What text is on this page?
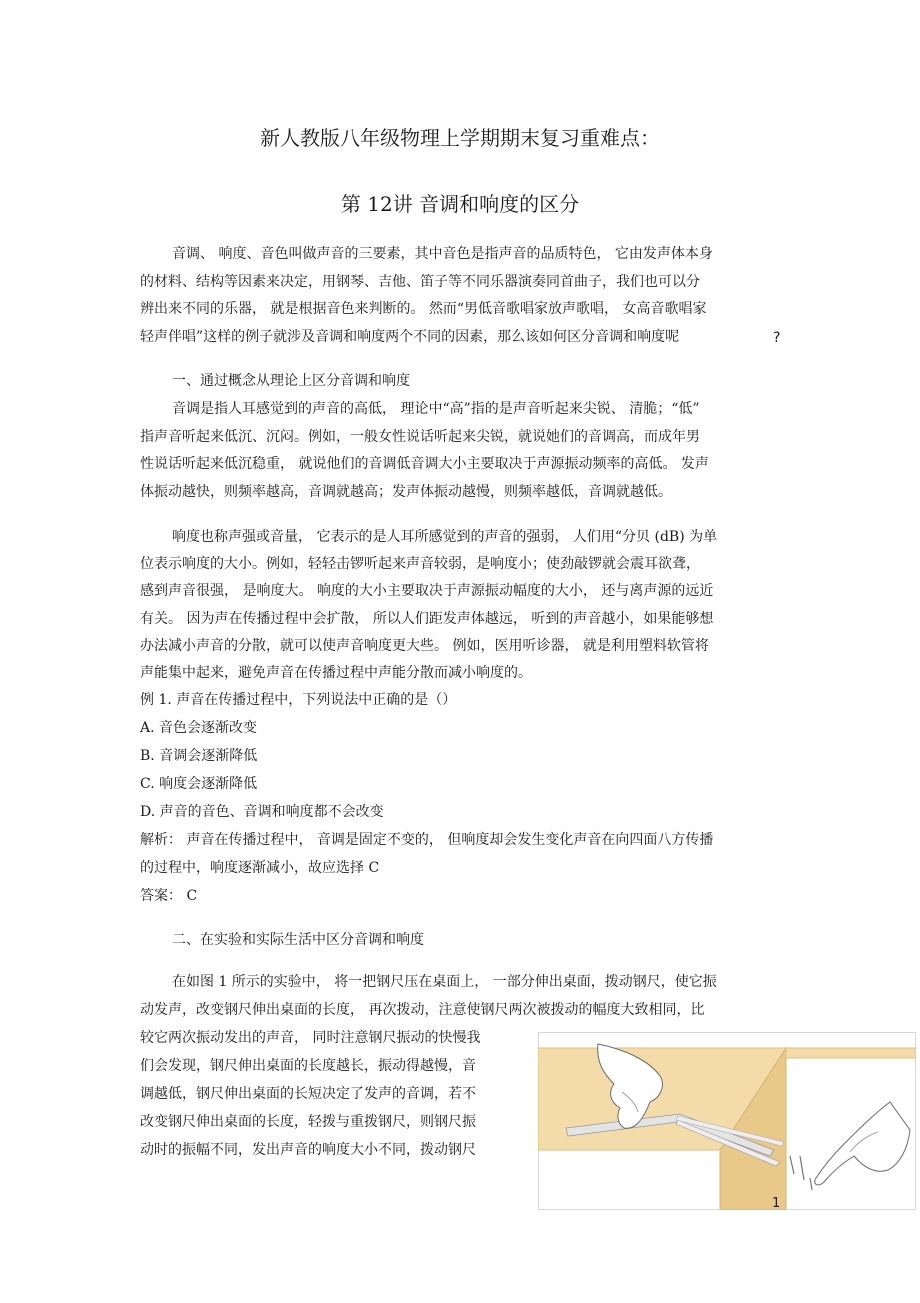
新人教版八年级物理上学期期末复习重难点：
第 12讲 音调和响度的区分
音调、 响度、音色叫做声音的三要素，其中音色是指声音的品质特色， 它由发声体本身
的材料、结构等因素来决定，用钢琴、吉他、笛子等不同乐器演奏同首曲子，我们也可以分
辨出来不同的乐器， 就是根据音色来判断的。 然而“男低音歌唱家放声歌唱， 女高音歌唱家
轻声伴唱”这样的例子就涉及音调和响度两个不同的因素，那么该如何区分音调和响度呢	?
一、通过概念从理论上区分音调和响度
音调是指人耳感觉到的声音的高低， 理论中“高”指的是声音听起来尖锐、 清脆；“低”
指声音听起来低沉、沉闷。例如，一般女性说话听起来尖锐，就说她们的音调高，而成年男
性说话听起来低沉稳重， 就说他们的音调低音调大小主要取决于声源振动频率的高低。 发声
体振动越快，则频率越高，音调就越高；发声体振动越慢，则频率越低，音调就越低。
响度也称声强或音量， 它表示的是人耳所感觉到的声音的强弱， 人们用“分贝 (dB) 为单
位表示响度的大小。例如，轻轻击锣听起来声音较弱，是响度小；使劲敲锣就会震耳欲聋，
感到声音很强， 是响度大。 响度的大小主要取决于声源振动幅度的大小， 还与离声源的远近
有关。 因为声在传播过程中会扩散， 所以人们距发声体越远， 听到的声音越小，如果能够想
办法减小声音的分散，就可以使声音响度更大些。 例如，医用听诊器， 就是利用塑料软管将
声能集中起来，避免声音在传播过程中声能分散而减小响度的。
例 1. 声音在传播过程中，下列说法中正确的是（）
A. 音色会逐渐改变
B. 音调会逐渐降低
C. 响度会逐渐降低
D. 声音的音色、音调和响度都不会改变
解析： 声音在传播过程中， 音调是固定不变的， 但响度却会发生变化声音在向四面八方传播
的过程中，响度逐渐减小，故应选择 C
答案： C
二、在实验和实际生活中区分音调和响度
在如图 1 所示的实验中， 将一把钢尺压在桌面上， 一部分伸出桌面，拨动钢尺，使它振
动发声，改变钢尺伸出桌面的长度， 再次拨动，注意使钢尺两次被拨动的幅度大致相同，比
较它两次振动发出的声音， 同时注意钢尺振动的快慢我
们会发现，钢尺伸出桌面的长度越长，振动得越慢，音
调越低，钢尺伸出桌面的长短决定了发声的音调，若不
改变钢尺伸出桌面的长度，轻拨与重拨钢尺，则钢尺振
动时的振幅不同，发出声音的响度大小不同，拨动钢尺
1
